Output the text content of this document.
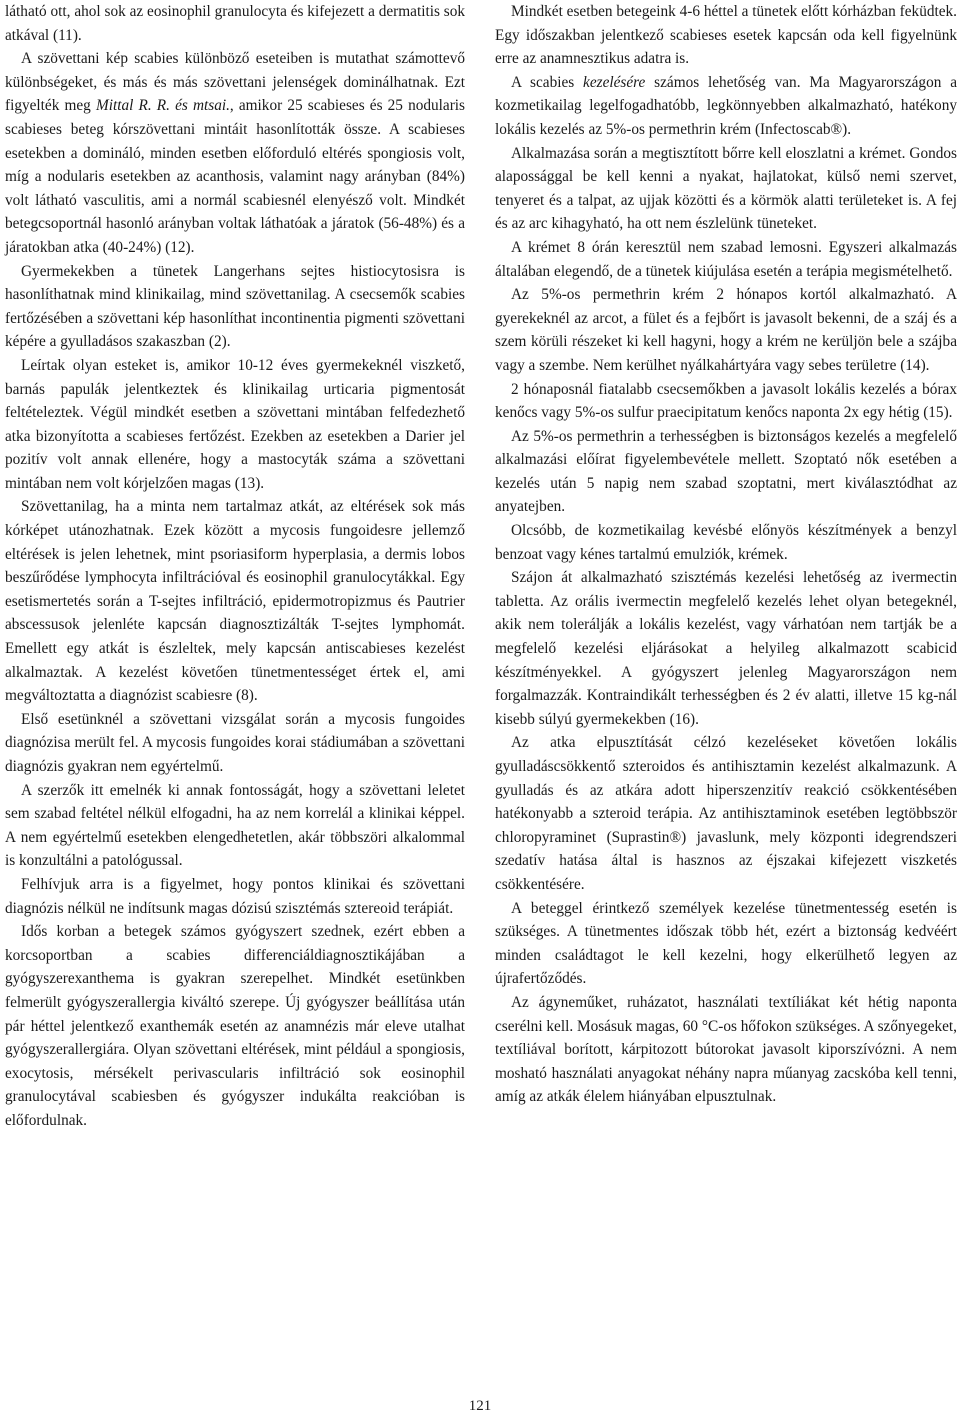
látható ott, ahol sok az eosinophil granulocyta és kifejezett a dermatitis sok atkával (11).

A szövettani kép scabies különböző eseteiben is mutathat számottevő különbségeket, és más és más szövettani jelenségek dominálhatnak. Ezt figyelték meg Mittal R. R. és mtsai., amikor 25 scabieses és 25 nodularis scabieses beteg kórszövettani mintáit hasonlították össze. A scabieses esetekben a domináló, minden esetben előforduló eltérés spongiosis volt, míg a nodularis esetekben az acanthosis, valamint nagy arányban (84%) volt látható vasculitis, ami a normál scabiesnél elenyésző volt. Mindkét betegcsoportnál hasonló arányban voltak láthatóak a járatok (56-48%) és a járatokban atka (40-24%) (12).

Gyermekekben a tünetek Langerhans sejtes histiocytosisra is hasonlíthatnak mind klinikailag, mind szövettanilag. A csecsemők scabies fertőzésében a szövettani kép hasonlíthat incontinentia pigmenti szövettani képére a gyulladásos szakaszban (2).

Leírtak olyan esteket is, amikor 10-12 éves gyermekeknél viszkető, barnás papulák jelentkeztek és klinikailag urticaria pigmentosát feltételeztek. Végül mindkét esetben a szövettani mintában felfedezhető atka bizonyította a scabieses fertőzést. Ezekben az esetekben a Darier jel pozitív volt annak ellenére, hogy a mastocyták száma a szövettani mintában nem volt kórjelzően magas (13).

Szövettanilag, ha a minta nem tartalmaz atkát, az eltérések sok más kórképet utánozhatnak. Ezek között a mycosis fungoidesre jellemző eltérések is jelen lehetnek, mint psoriasiform hyperplasia, a dermis lobos beszűrődése lymphocyta infiltrációval és eosinophil granulocytákkal. Egy esetismertetés során a T-sejtes infiltráció, epidermotropizmus és Pautrier abscessusok jelenléte kapcsán diagnosztizálták T-sejtes lymphomát. Emellett egy atkát is észleltek, mely kapcsán antiscabieses kezelést alkalmaztak. A kezelést követően tünetmentességet értek el, ami megváltoztatta a diagnózist scabiesre (8).

Első esetünknél a szövettani vizsgálat során a mycosis fungoides diagnózisa merült fel. A mycosis fungoides korai stádiumában a szövettani diagnózis gyakran nem egyértelmű.

A szerzők itt emelnék ki annak fontosságát, hogy a szövettani leletet sem szabad feltétel nélkül elfogadni, ha az nem korrelál a klinikai képpel. A nem egyértelmű esetekben elengedhetetlen, akár többszöri alkalommal is konzultálni a patológussal.

Felhívjuk arra is a figyelmet, hogy pontos klinikai és szövettani diagnózis nélkül ne indítsunk magas dózisú szisztémás sztereoid terápiát.

Idős korban a betegek számos gyógyszert szednek, ezért ebben a korcsoportban a scabies differenciáldiagnosztikájában a gyógyszerexanthema is gyakran szerepelhet. Mindkét esetünkben felmerült gyógyszerallergia kiváltó szerepe. Új gyógyszer beállítása után pár héttel jelentkező exanthemák esetén az anamnézis már eleve utalhat gyógyszerallergiára. Olyan szövettani eltérések, mint például a spongiosis, exocytosis, mérsékelt perivascularis infiltráció sok eosinophil granulocytával scabiesben és gyógyszer indukálta reakcióban is előfordulnak.

Mindkét esetben betegeink 4-6 héttel a tünetek előtt kórházban feküdtek. Egy időszakban jelentkező scabieses esetek kapcsán oda kell figyelnünk erre az anamnesztikus adatra is.

A scabies kezelésére számos lehetőség van. Ma Magyarországon a kozmetikailag legelfogadhatóbb, legkönnyebben alkalmazható, hatékony lokális kezelés az 5%-os permethrin krém (Infectoscab®).

Alkalmazása során a megtisztított bőrre kell eloszlatni a krémet. Gondos alapossággal be kell kenni a nyakat, hajlatokat, külső nemi szervet, tenyeret és a talpat, az ujjak közötti és a körmök alatti területeket is. A fej és az arc kihagyható, ha ott nem észlelünk tüneteket.

A krémet 8 órán keresztül nem szabad lemosni. Egyszeri alkalmazás általában elegendő, de a tünetek kiújulása esetén a terápia megismételhető.

Az 5%-os permethrin krém 2 hónapos kortól alkalmazható. A gyerekeknél az arcot, a fület és a fejbőrt is javasolt bekenni, de a száj és a szem körüli részeket ki kell hagyni, hogy a krém ne kerüljön bele a szájba vagy a szembe. Nem kerülhet nyálkahártyára vagy sebes területre (14).

2 hónaposnál fiatalabb csecsemőkben a javasolt lokális kezelés a bórax kenőcs vagy 5%-os sulfur praecipitatum kenőcs naponta 2x egy hétig (15).

Az 5%-os permethrin a terhességben is biztonságos kezelés a megfelelő alkalmazási előírat figyelembevétele mellett. Szoptató nők esetében a kezelés után 5 napig nem szabad szoptatni, mert kiválasztódhat az anyatejben.

Olcsóbb, de kozmetikailag kevésbé előnyös készítmények a benzyl benzoat vagy kénes tartalmú emulziók, krémek.

Szájon át alkalmazható szisztémás kezelési lehetőség az ivermectin tabletta. Az orális ivermectin megfelelő kezelés lehet olyan betegeknél, akik nem tolerálják a lokális kezelést, vagy várhatóan nem tartják be a megfelelő kezelési eljárásokat a helyileg alkalmazott scabicid készítményekkel. A gyógyszert jelenleg Magyarországon nem forgalmazzák. Kontraindikált terhességben és 2 év alatti, illetve 15 kg-nál kisebb súlyú gyermekekben (16).

Az atka elpusztítását célzó kezeléseket követően lokális gyulladáscsökkentő szteroidos és antihisztamin kezelést alkalmazunk. A gyulladás és az atkára adott hiperszenzitív reakció csökkentésében hatékonyabb a szteroid terápia. Az antihisztaminok esetében legtöbbször chloropyraminet (Suprastin®) javaslunk, mely központi idegrendszeri szedatív hatása által is hasznos az éjszakai kifejezett viszketés csökkentésére.

A beteggel érintkező személyek kezelése tünetmentesség esetén is szükséges. A tünetmentes időszak több hét, ezért a biztonság kedvéért minden családtagot le kell kezelni, hogy elkerülhető legyen az újrafertőződés.

Az ágyneműket, ruházatot, használati textíliákat két hétig naponta cserélni kell. Mosásuk magas, 60 °C-os hőfokon szükséges. A szőnyegeket, textíliával borított, kárpitozott bútorokat javasolt kiporszívózni. A nem mosható használati anyagokat néhány napra műanyag zacskóba kell tenni, amíg az atkák élelem hiányában elpusztulnak.

121
